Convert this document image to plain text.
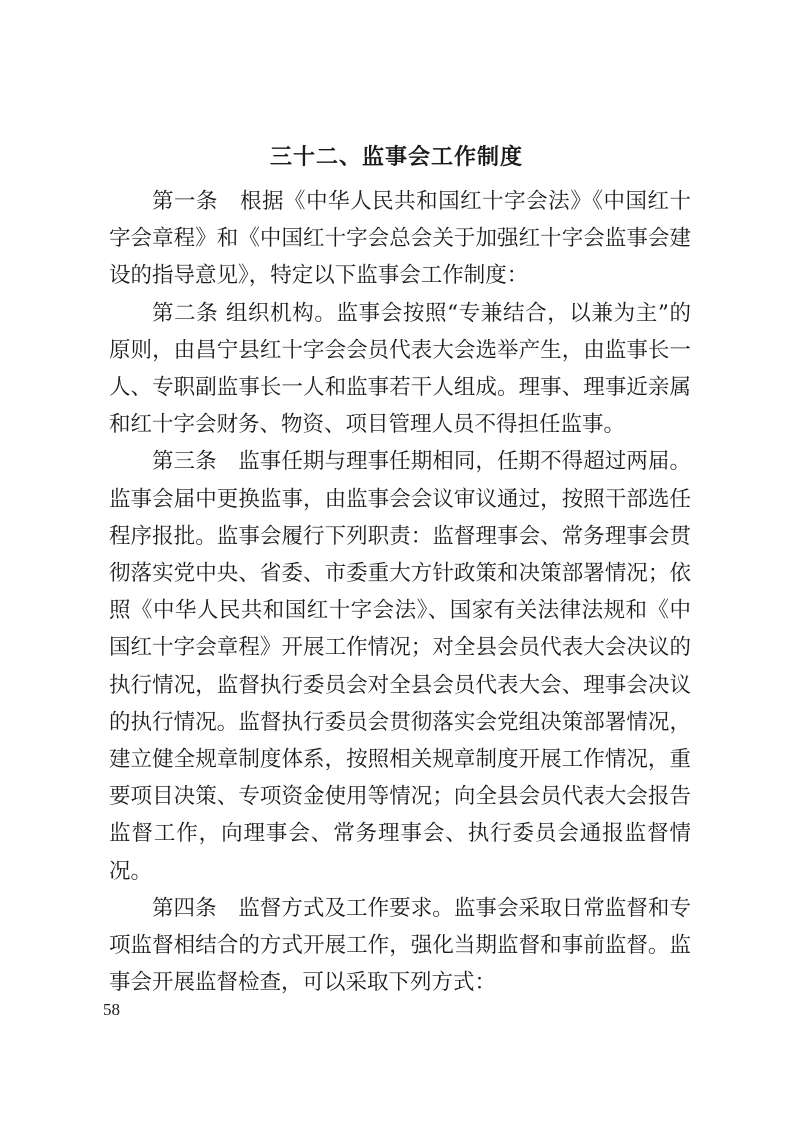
三十二、监事会工作制度

第一条　根据《中华人民共和国红十字会法》《中国红十字会章程》和《中国红十字会总会关于加强红十字会监事会建设的指导意见》，特定以下监事会工作制度：

第二条 组织机构。监事会按照“专兼结合，以兼为主”的原则，由昌宁县红十字会会员代表大会选举产生，由监事长一人、专职副监事长一人和监事若干人组成。理事、理事近亲属和红十字会财务、物资、项目管理人员不得担任监事。

第三条　监事任期与理事任期相同，任期不得超过两届。监事会届中更换监事，由监事会会议审议通过，按照干部选任程序报批。监事会履行下列职责：监督理事会、常务理事会贯彻落实党中央、省委、市委重大方针政策和决策部署情况；依照《中华人民共和国红十字会法》、国家有关法律法规和《中国红十字会章程》开展工作情况；对全县会员代表大会决议的执行情况，监督执行委员会对全县会员代表大会、理事会决议的执行情况。监督执行委员会贯彻落实会党组决策部署情况，建立健全规章制度体系，按照相关规章制度开展工作情况，重要项目决策、专项资金使用等情况；向全县会员代表大会报告监督工作，向理事会、常务理事会、执行委员会通报监督情况。

第四条　监督方式及工作要求。监事会采取日常监督和专项监督相结合的方式开展工作，强化当期监督和事前监督。监事会开展监督检查，可以采取下列方式：

58
